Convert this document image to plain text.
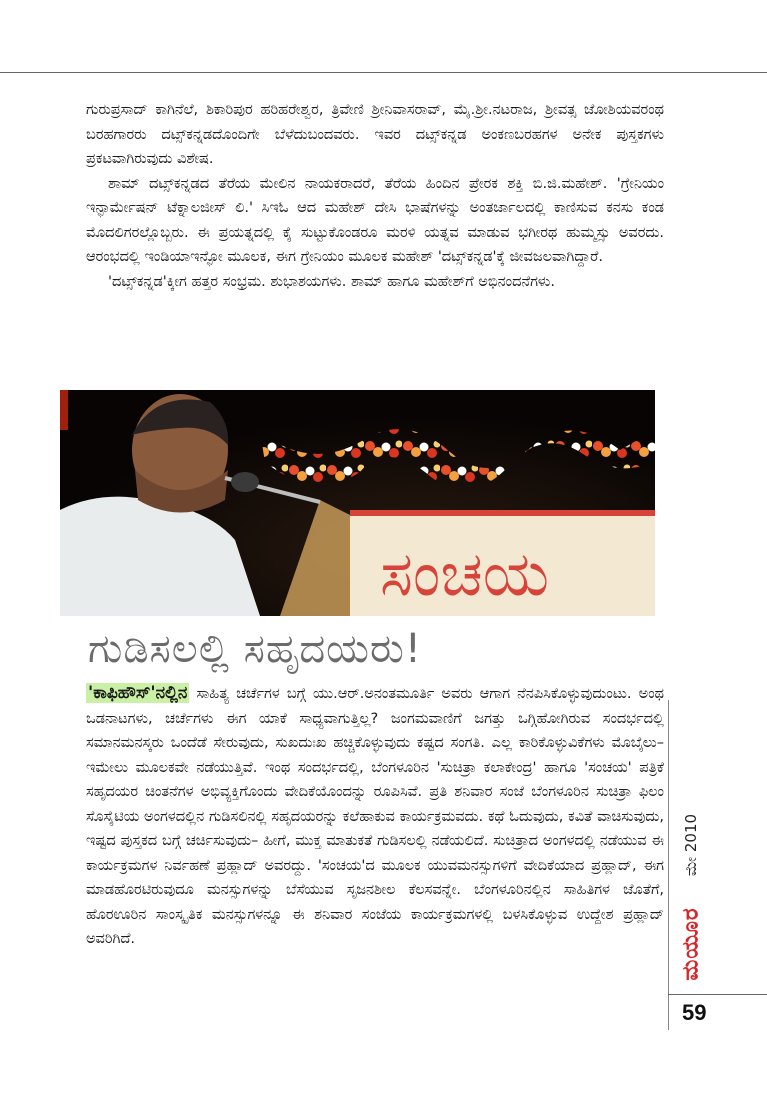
ಗುರುಪ್ರಸಾದ್ ಕಾಗಿನೆಲೆ, ಶಿಕಾರಿಪುರ ಹರಿಹರೇಶ್ವರ, ತ್ರಿವೇಣಿ ಶ್ರೀನಿವಾಸರಾವ್, ಮೈ.ಶ್ರೀ.ನಟರಾಜ, ಶ್ರೀವತ್ಸ ಜೋಶಿಯವರಂಥ ಬರಹಗಾರರು ದಟ್ಸ್‌ಕನ್ನಡದೊಂದಿಗೇ ಬೆಳೆದುಬಂದವರು. ಇವರ ದಟ್ಸ್‌ಕನ್ನಡ ಅಂಕಣಬರಹಗಳ ಅನೇಕ ಪುಸ್ತಕಗಳು ಪ್ರಕಟವಾಗಿರುವುದು ವಿಶೇಷ.

ಶಾಮ್ ದಟ್ಸ್‌ಕನ್ನಡದ ತೆರೆಯ ಮೇಲಿನ ನಾಯಕರಾದರೆ, ತೆರೆಯ ಹಿಂದಿನ ಪ್ರೇರಕ ಶಕ್ತಿ ಬಿ.ಜಿ.ಮಹೇಶ್. 'ಗ್ರೇನಿಯಂ ಇನ್ಫಾರ್ಮೇಷನ್ ಟೆಕ್ನಾಲಜೀಸ್ ಲಿ.' ಸಿಇಓ ಆದ ಮಹೇಶ್ ದೇಸಿ ಭಾಷೆಗಳನ್ನು ಅಂತರ್ಜಾಲದಲ್ಲಿ ಕಾಣಿಸುವ ಕನಸು ಕಂಡ ಮೊದಲಿಗರಲ್ಲೊಬ್ಬರು. ಈ ಪ್ರಯತ್ನದಲ್ಲಿ ಕೈ ಸುಟ್ಟುಕೊಂಡರೂ ಮರಳಿ ಯತ್ನವ ಮಾಡುವ ಭಗೀರಥ ಹುಮ್ಮಸ್ಸು ಅವರದು. ಆರಂಭದಲ್ಲಿ ಇಂಡಿಯಾಇನ್ಫೋ ಮೂಲಕ, ಈಗ ಗ್ರೇನಿಯಂ ಮೂಲಕ ಮಹೇಶ್ 'ದಟ್ಸ್‌ಕನ್ನಡ'ಕ್ಕೆ ಜೀವಜಲವಾಗಿದ್ದಾರೆ.

'ದಟ್ಸ್‌ಕನ್ನಡ'ಕ್ಕೀಗ ಹತ್ತರ ಸಂಭ್ರಮ. ಶುಭಾಶಯಗಳು. ಶಾಮ್ ಹಾಗೂ ಮಹೇಶ್‌ಗೆ ಅಭಿನಂದನೆಗಳು.

ಸಂಚಯ
ಗುಡಿಸಲಲ್ಲಿ ಸಹೃದಯರು!

'ಕಾಫಿಹೌಸ್'ನಲ್ಲಿನ ಸಾಹಿತ್ಯ ಚರ್ಚೆಗಳ ಬಗ್ಗೆ ಯು.ಆರ್.ಅನಂತಮೂರ್ತಿ ಅವರು ಆಗಾಗ ನೆನಪಿಸಿಕೊಳ್ಳುವುದುಂಟು. ಅಂಥ ಒಡನಾಟಗಳು, ಚರ್ಚೆಗಳು ಈಗ ಯಾಕೆ ಸಾಧ್ಯವಾಗುತ್ತಿಲ್ಲ? ಜಂಗಮವಾಣಿಗೆ ಜಗತ್ತು ಒಗ್ಗಿಹೋಗಿರುವ ಸಂದರ್ಭದಲ್ಲಿ ಸಮಾನಮನಸ್ಕರು ಒಂದೆಡೆ ಸೇರುವುದು, ಸುಖದುಃಖ ಹಚ್ಚಿಕೊಳ್ಳುವುದು ಕಷ್ಟದ ಸಂಗತಿ. ಎಲ್ಲ ಕಾರಿಕೊಳ್ಳುವಿಕೆಗಳು ಮೊಬೈಲು–ಇಮೇಲು ಮೂಲಕವೇ ನಡೆಯುತ್ತಿವೆ. ಇಂಥ ಸಂದರ್ಭದಲ್ಲಿ, ಬೆಂಗಳೂರಿನ 'ಸುಚಿತ್ರಾ ಕಲಾಕೇಂದ್ರ' ಹಾಗೂ 'ಸಂಚಯ' ಪತ್ರಿಕೆ ಸಹೃದಯರ ಚಿಂತನೆಗಳ ಅಭಿವ್ಯಕ್ತಿಗೊಂದು ವೇದಿಕೆಯೊಂದನ್ನು ರೂಪಿಸಿವೆ. ಪ್ರತಿ ಶನಿವಾರ ಸಂಜೆ ಬೆಂಗಳೂರಿನ ಸುಚಿತ್ರಾ ಫಿಲಂ ಸೊಸೈಟಿಯ ಅಂಗಳದಲ್ಲಿನ ಗುಡಿಸಲಿನಲ್ಲಿ ಸಹೃದಯರನ್ನು ಕಲೆಹಾಕುವ ಕಾರ್ಯಕ್ರಮವದು. ಕಥೆ ಓದುವುದು, ಕವಿತೆ ವಾಚಿಸುವುದು, ಇಷ್ಟದ ಪುಸ್ತಕದ ಬಗ್ಗೆ ಚರ್ಚಿಸುವುದು– ಹೀಗೆ, ಮುಕ್ತ ಮಾತುಕತೆ ಗುಡಿಸಲಲ್ಲಿ ನಡೆಯಲಿದೆ. ಸುಚಿತ್ರಾದ ಅಂಗಳದಲ್ಲಿ ನಡೆಯುವ ಈ ಕಾರ್ಯಕ್ರಮಗಳ ನಿರ್ವಹಣೆ ಪ್ರಹ್ಲಾದ್ ಅವರದ್ದು. 'ಸಂಚಯ'ದ ಮೂಲಕ ಯುವಮನಸ್ಸುಗಳಿಗೆ ವೇದಿಕೆಯಾದ ಪ್ರಹ್ಲಾದ್, ಈಗ ಮಾಡಹೊರಟಿರುವುದೂ ಮನಸ್ಸುಗಳನ್ನು ಬೆಸೆಯುವ ಸೃಜನಶೀಲ ಕೆಲಸವನ್ನೇ. ಬೆಂಗಳೂರಿನಲ್ಲಿನ ಸಾಹಿತಿಗಳ ಜೊತೆಗೆ, ಹೊರಊರಿನ ಸಾಂಸ್ಕೃತಿಕ ಮನಸ್ಸುಗಳನ್ನೂ ಈ ಶನಿವಾರ ಸಂಜೆಯ ಕಾರ್ಯಕ್ರಮಗಳಲ್ಲಿ ಬಳಸಿಕೊಳ್ಳುವ ಉದ್ದೇಶ ಪ್ರಹ್ಲಾದ್ ಅವರಿಗಿದೆ.

ಮೇ 2010
ಮಯೂರ
59
